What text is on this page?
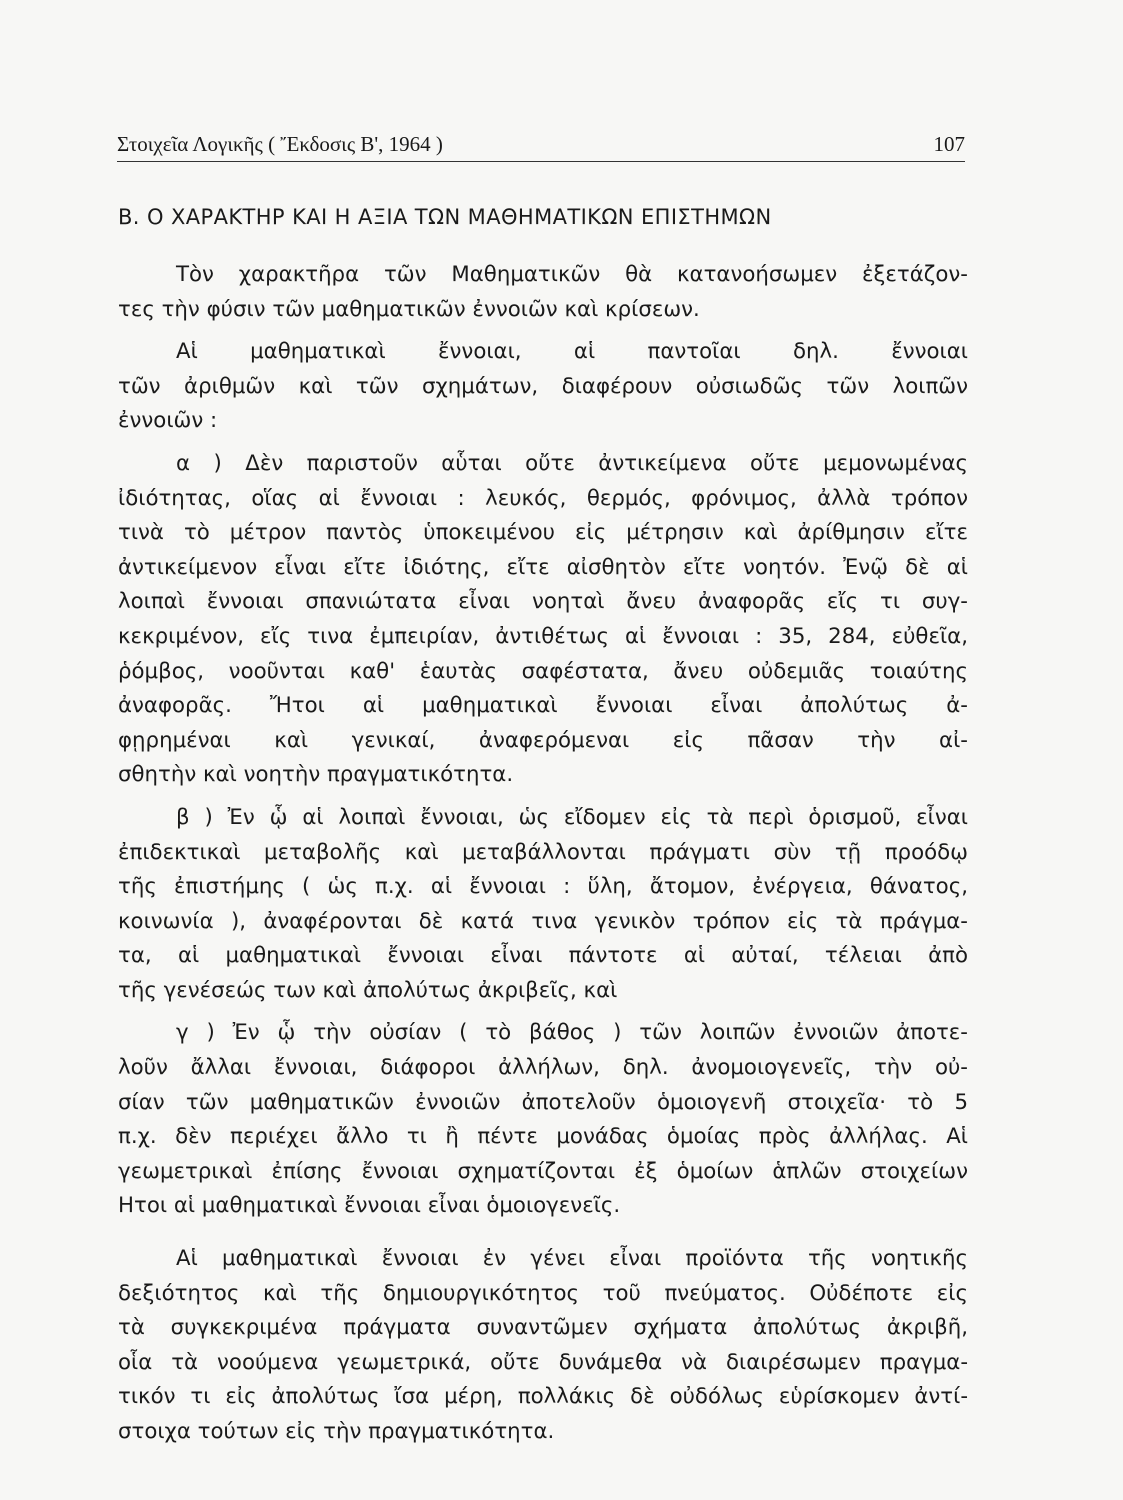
Στοιχεῖα Λογικῆς ( Ἔκδοσις Β', 1964 )	107
Β. Ο ΧΑΡΑΚΤΗΡ ΚΑΙ Η ΑΞΙΑ ΤΩΝ ΜΑΘΗΜΑΤΙΚΩΝ ΕΠΙΣΤΗΜΩΝ
Τὸν χαρακτῆρα τῶν Μαθηματικῶν θὰ κατανοήσωμεν ἐξετάζον-
τες τὴν φύσιν τῶν μαθηματικῶν ἐννοιῶν καὶ κρίσεων.
Αἱ μαθηματικαὶ ἔννοιαι, αἱ παντοῖαι δηλ. ἔννοιαι
τῶν ἀριθμῶν καὶ τῶν σχημάτων, διαφέρουν οὐσιωδῶς τῶν λοιπῶν
ἐννοιῶν :
α ) Δὲν παριστοῦν αὗται οὔτε ἀντικείμενα οὔτε μεμονωμένας
ἰδιότητας, οἵας αἱ ἔννοιαι : λευκός, θερμός, φρόνιμος, ἀλλὰ τρόπον
τινὰ τὸ μέτρον παντὸς ὑποκειμένου εἰς μέτρησιν καὶ ἀρίθμησιν εἴτε
ἀντικείμενον εἶναι εἴτε ἰδιότης, εἴτε αἰσθητὸν εἴτε νοητόν. Ἐνῷ δὲ αἱ
λοιπαὶ ἔννοιαι σπανιώτατα εἶναι νοηταὶ ἄνευ ἀναφορᾶς εἴς τι συγ-
κεκριμένον, εἴς τινα ἐμπειρίαν, ἀντιθέτως αἱ ἔννοιαι : 35, 284, εὐθεῖα,
ῥόμβος, νοοῦνται καθ' ἑαυτὰς σαφέστατα, ἄνευ οὐδεμιᾶς τοιαύτης
ἀναφορᾶς. Ἤτοι αἱ μαθηματικαὶ ἔννοιαι εἶναι ἀπολύτως ἀ-
φῃρημέναι καὶ γενικαί, ἀναφερόμεναι εἰς πᾶσαν τὴν αἰ-
σθητὴν καὶ νοητὴν πραγματικότητα.
β ) Ἐν ᾧ αἱ λοιπαὶ ἔννοιαι, ὡς εἴδομεν εἰς τὰ περὶ ὁρισμοῦ, εἶναι
ἐπιδεκτικαὶ μεταβολῆς καὶ μεταβάλλονται πράγματι σὺν τῇ προόδῳ
τῆς ἐπιστήμης ( ὡς π.χ. αἱ ἔννοιαι : ὕλη, ἄτομον, ἐνέργεια, θάνατος,
κοινωνία ), ἀναφέρονται δὲ κατά τινα γενικὸν τρόπον εἰς τὰ πράγμα-
τα, αἱ μαθηματικαὶ ἔννοιαι εἶναι πάντοτε αἱ αὐταί, τέλειαι ἀπὸ
τῆς γενέσεώς των καὶ ἀπολύτως ἀκριβεῖς, καὶ
γ ) Ἐν ᾧ τὴν οὐσίαν ( τὸ βάθος ) τῶν λοιπῶν ἐννοιῶν ἀποτε-
λοῦν ἄλλαι ἔννοιαι, διάφοροι ἀλλήλων, δηλ. ἀνομοιογενεῖς, τὴν οὐ-
σίαν τῶν μαθηματικῶν ἐννοιῶν ἀποτελοῦν ὁμοιογενῆ στοιχεῖα· τὸ 5
π.χ. δὲν περιέχει ἄλλο τι ἢ πέντε μονάδας ὁμοίας πρὸς ἀλλήλας. Αἱ
γεωμετρικαὶ ἐπίσης ἔννοιαι σχηματίζονται ἐξ ὁμοίων ἁπλῶν στοιχείων
Ητοι αἱ μαθηματικαὶ ἔννοιαι εἶναι ὁμοιογενεῖς.
Αἱ μαθηματικαὶ ἔννοιαι ἐν γένει εἶναι προϊόντα τῆς νοητικῆς
δεξιότητος καὶ τῆς δημιουργικότητος τοῦ πνεύματος. Οὐδέποτε εἰς
τὰ συγκεκριμένα πράγματα συναντῶμεν σχήματα ἀπολύτως ἀκριβῆ,
οἷα τὰ νοούμενα γεωμετρικά, οὔτε δυνάμεθα νὰ διαιρέσωμεν πραγμα-
τικόν τι εἰς ἀπολύτως ἴσα μέρη, πολλάκις δὲ οὐδόλως εὑρίσκομεν ἀντί-
στοιχα τούτων εἰς τὴν πραγματικότητα.
